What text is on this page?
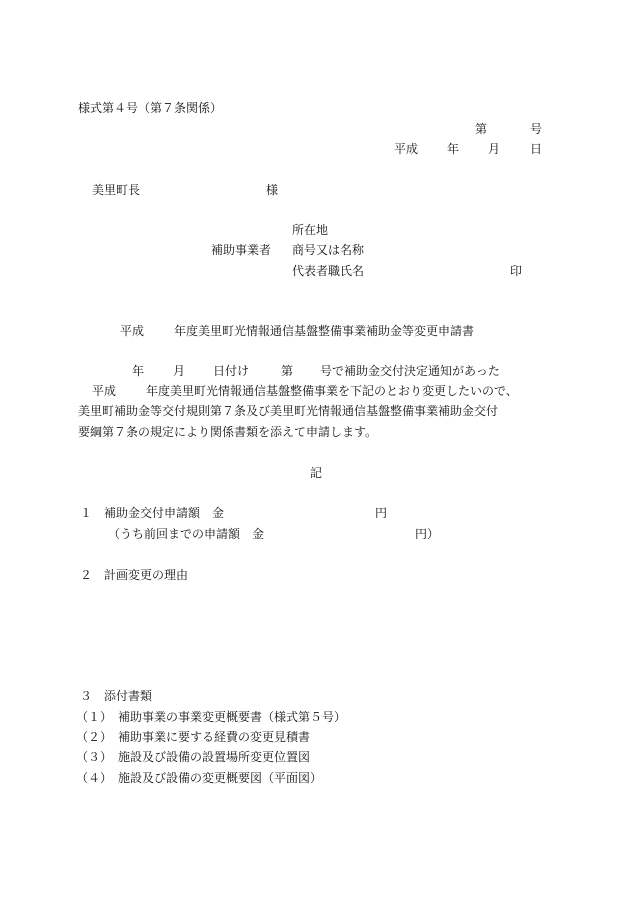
様式第４号（第７条関係）

第	号

平成 年 月 日

美里町長	様

所在地

補助事業者 商号又は名称

代表者職氏名	印

平成 年度美里町光情報通信基盤整備事業補助金等変更申請書

年 月 日付け	第 号で補助金交付決定通知があった

平成 年度美里町光情報通信基盤整備事業を下記のとおり変更したいので、

美里町補助金等交付規則第７条及び美里町光情報通信基盤整備事業補助金交付

要綱第７条の規定により関係書類を添えて申請します。

記

１　補助金交付申請額　金	円

（うち前回までの申請額　金	円）

２　計画変更の理由

３　添付書類

（１）　補助事業の事業変更概要書（様式第５号）

（２）　補助事業に要する経費の変更見積書

（３）　施設及び設備の設置場所変更位置図

（４）　施設及び設備の変更概要図（平面図）
